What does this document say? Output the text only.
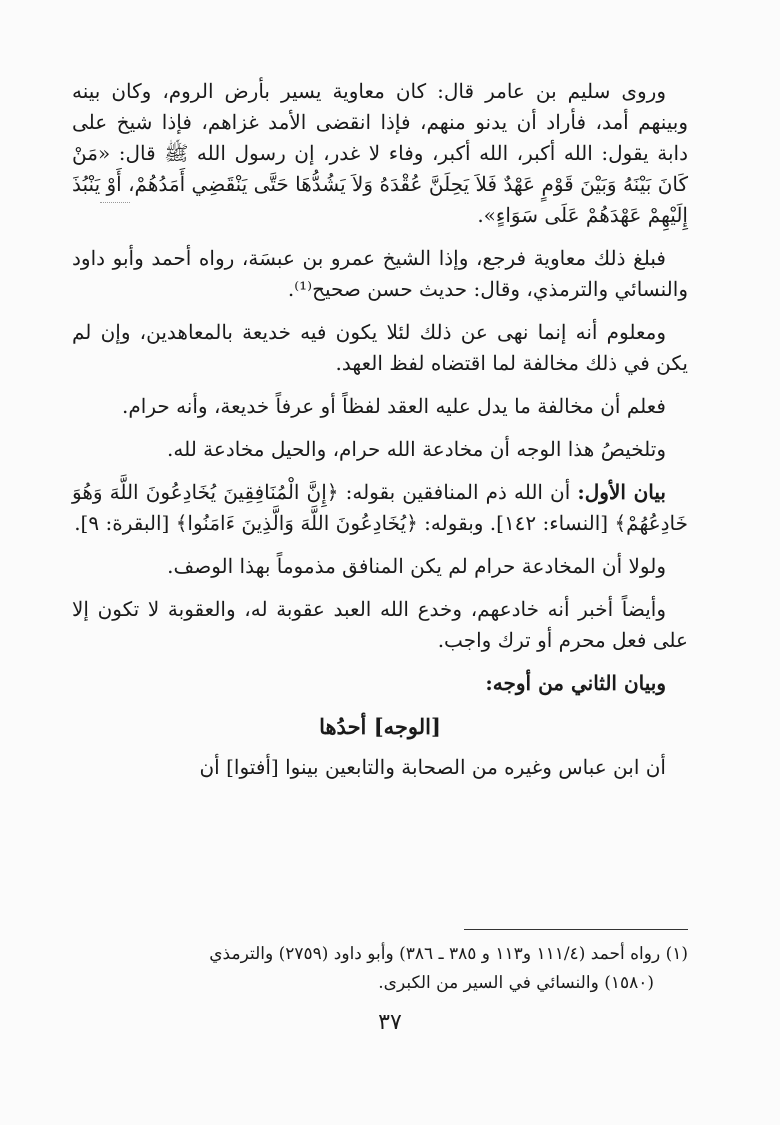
وروى سليم بن عامر قال: كان معاوية يسير بأرض الروم، وكان بينه وبينهم أمد، فأراد أن يدنو منهم، فإذا انقضى الأمد غزاهم، فإذا شيخ على دابة يقول: الله أكبر، الله أكبر، وفاء لا غدر، إن رسول الله ﷺ قال: «مَنْ كَانَ بَيْنَهُ وَبَيْنَ قَوْمٍ عَهْدٌ فَلاَ يَحِلَنَّ عُقْدَهُ وَلاَ يَشُدُّهَا حَتَّى يَنْقَضِي أَمَدُهُمْ، أَوْ يَنْبُذَ إِلَيْهِمْ عَهْدَهُمْ عَلَى سَوَاءٍ».

فبلغ ذلك معاوية فرجع، وإذا الشيخ عمرو بن عبسَة، رواه أحمد وأبو داود والنسائي والترمذي، وقال: حديث حسن صحيح⁽¹⁾.

ومعلوم أنه إنما نهى عن ذلك لئلا يكون فيه خديعة بالمعاهدين، وإن لم يكن في ذلك مخالفة لما اقتضاه لفظ العهد.

فعلم أن مخالفة ما يدل عليه العقد لفظاً أو عرفاً خديعة، وأنه حرام.

وتلخيصُ هذا الوجه أن مخادعة الله حرام، والحيل مخادعة لله.

بيان الأول: أن الله ذم المنافقين بقوله: ﴿إِنَّ الْمُنَافِقِينَ يُخَادِعُونَ اللَّهَ وَهُوَ خَادِعُهُمْ﴾ [النساء: ١٤٢]. وبقوله: ﴿يُخَادِعُونَ اللَّهَ وَالَّذِينَ ءَامَنُوا﴾ [البقرة: ٩].

ولولا أن المخادعة حرام لم يكن المنافق مذموماً بهذا الوصف.

وأيضاً أخبر أنه خادعهم، وخدع الله العبد عقوبة له، والعقوبة لا تكون إلا على فعل محرم أو ترك واجب.

وبيان الثاني من أوجه:

[الوجه] أحدُها

أن ابن عباس وغيره من الصحابة والتابعين بينوا [أفتوا] أن

(١) رواه أحمد (١١١/٤ و١١٣ و ٣٨٥ ـ ٣٨٦) وأبو داود (٢٧٥٩) والترمذي
(١٥٨٠) والنسائي في السير من الكبرى.
٣٧
